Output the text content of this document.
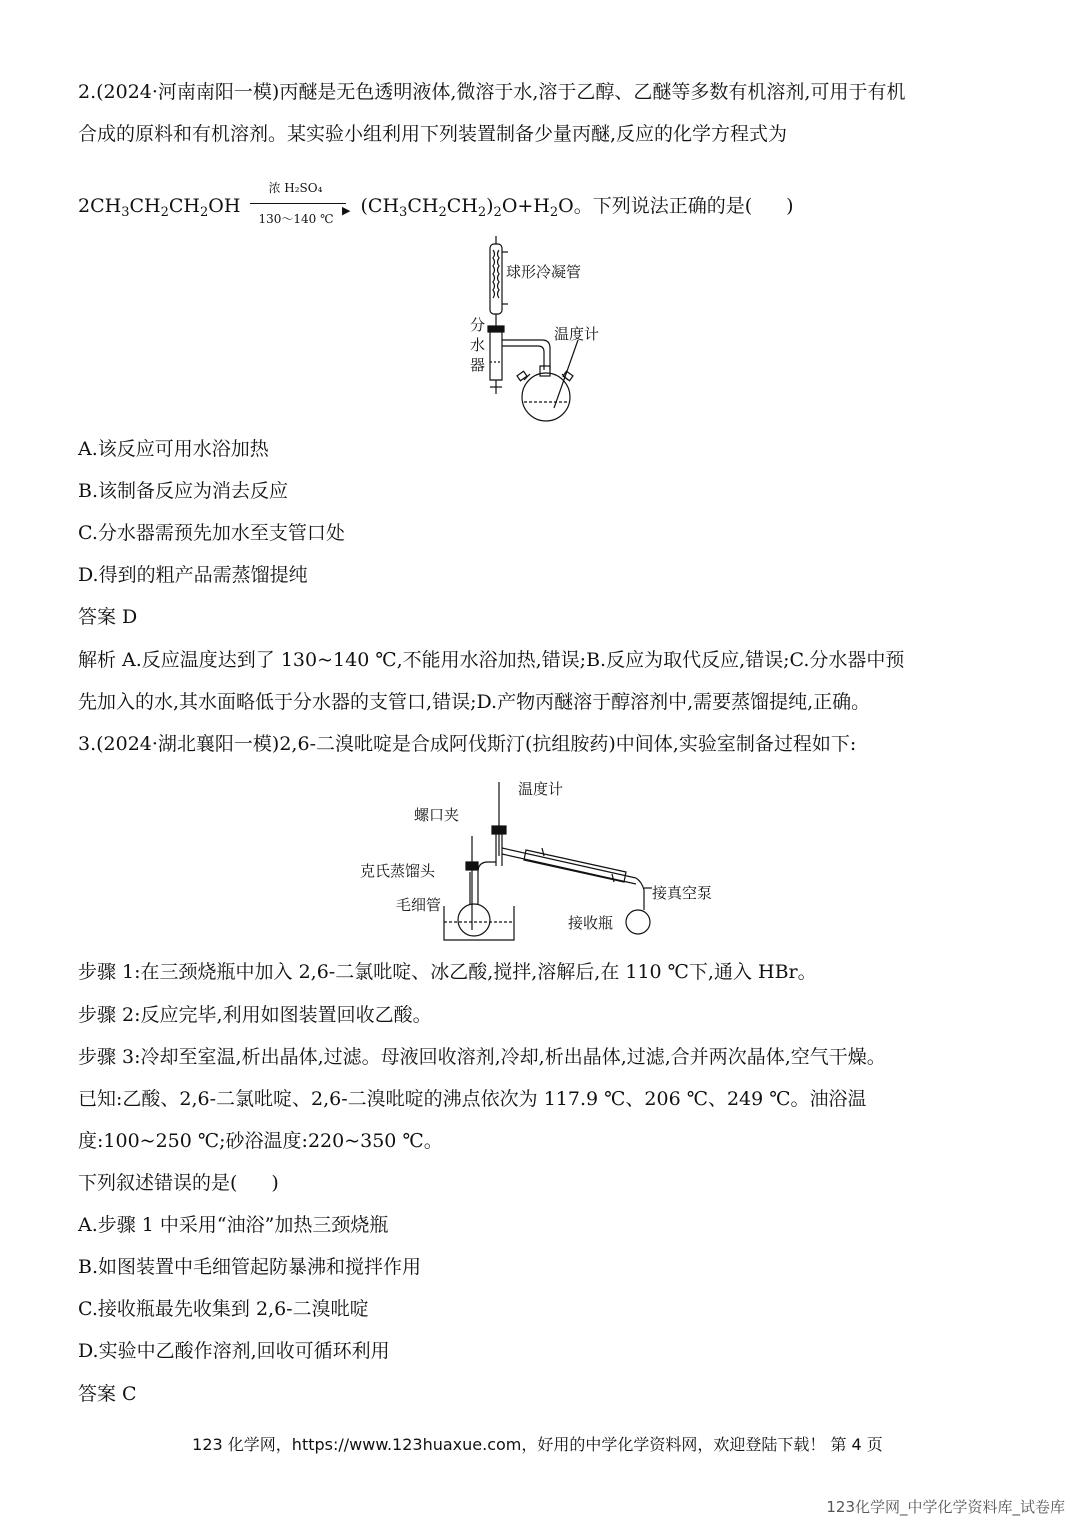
2.(2024·河南南阳一模)丙醚是无色透明液体,微溶于水,溶于乙醇、乙醚等多数有机溶剂,可用于有机
合成的原料和有机溶剂。某实验小组利用下列装置制备少量丙醚,反应的化学方程式为
$2CH_3CH_2CH_2OH$
浓 H₂SO₄
▶
130～140 ℃
$(CH_3CH_2CH_2)_2O+H_2O$。下列说法正确的是( )
球形冷凝管
分
水
器
温度计
A.该反应可用水浴加热
B.该制备反应为消去反应
C.分水器需预先加水至支管口处
D.得到的粗产品需蒸馏提纯
答案 D
解析 A.反应温度达到了 130~140 ℃,不能用水浴加热,错误;B.反应为取代反应,错误;C.分水器中预
先加入的水,其水面略低于分水器的支管口,错误;D.产物丙醚溶于醇溶剂中,需要蒸馏提纯,正确。
3.(2024·湖北襄阳一模)2,6-二溴吡啶是合成阿伐斯汀(抗组胺药)中间体,实验室制备过程如下:
温度计
螺口夹
克氏蒸馏头
毛细管
接真空泵
接收瓶
步骤 1:在三颈烧瓶中加入 2,6-二氯吡啶、冰乙酸,搅拌,溶解后,在 110 ℃下,通入 HBr。
步骤 2:反应完毕,利用如图装置回收乙酸。
步骤 3:冷却至室温,析出晶体,过滤。母液回收溶剂,冷却,析出晶体,过滤,合并两次晶体,空气干燥。
已知:乙酸、2,6-二氯吡啶、2,6-二溴吡啶的沸点依次为 117.9 ℃、206 ℃、249 ℃。油浴温
度:100~250 ℃;砂浴温度:220~350 ℃。
下列叙述错误的是( )
A.步骤 1 中采用“油浴”加热三颈烧瓶
B.如图装置中毛细管起防暴沸和搅拌作用
C.接收瓶最先收集到 2,6-二溴吡啶
D.实验中乙酸作溶剂,回收可循环利用
答案 C
123 化学网，https://www.123huaxue.com，好用的中学化学资料网，欢迎登陆下载！ 第 4 页
123化学网_中学化学资料库_试卷库
